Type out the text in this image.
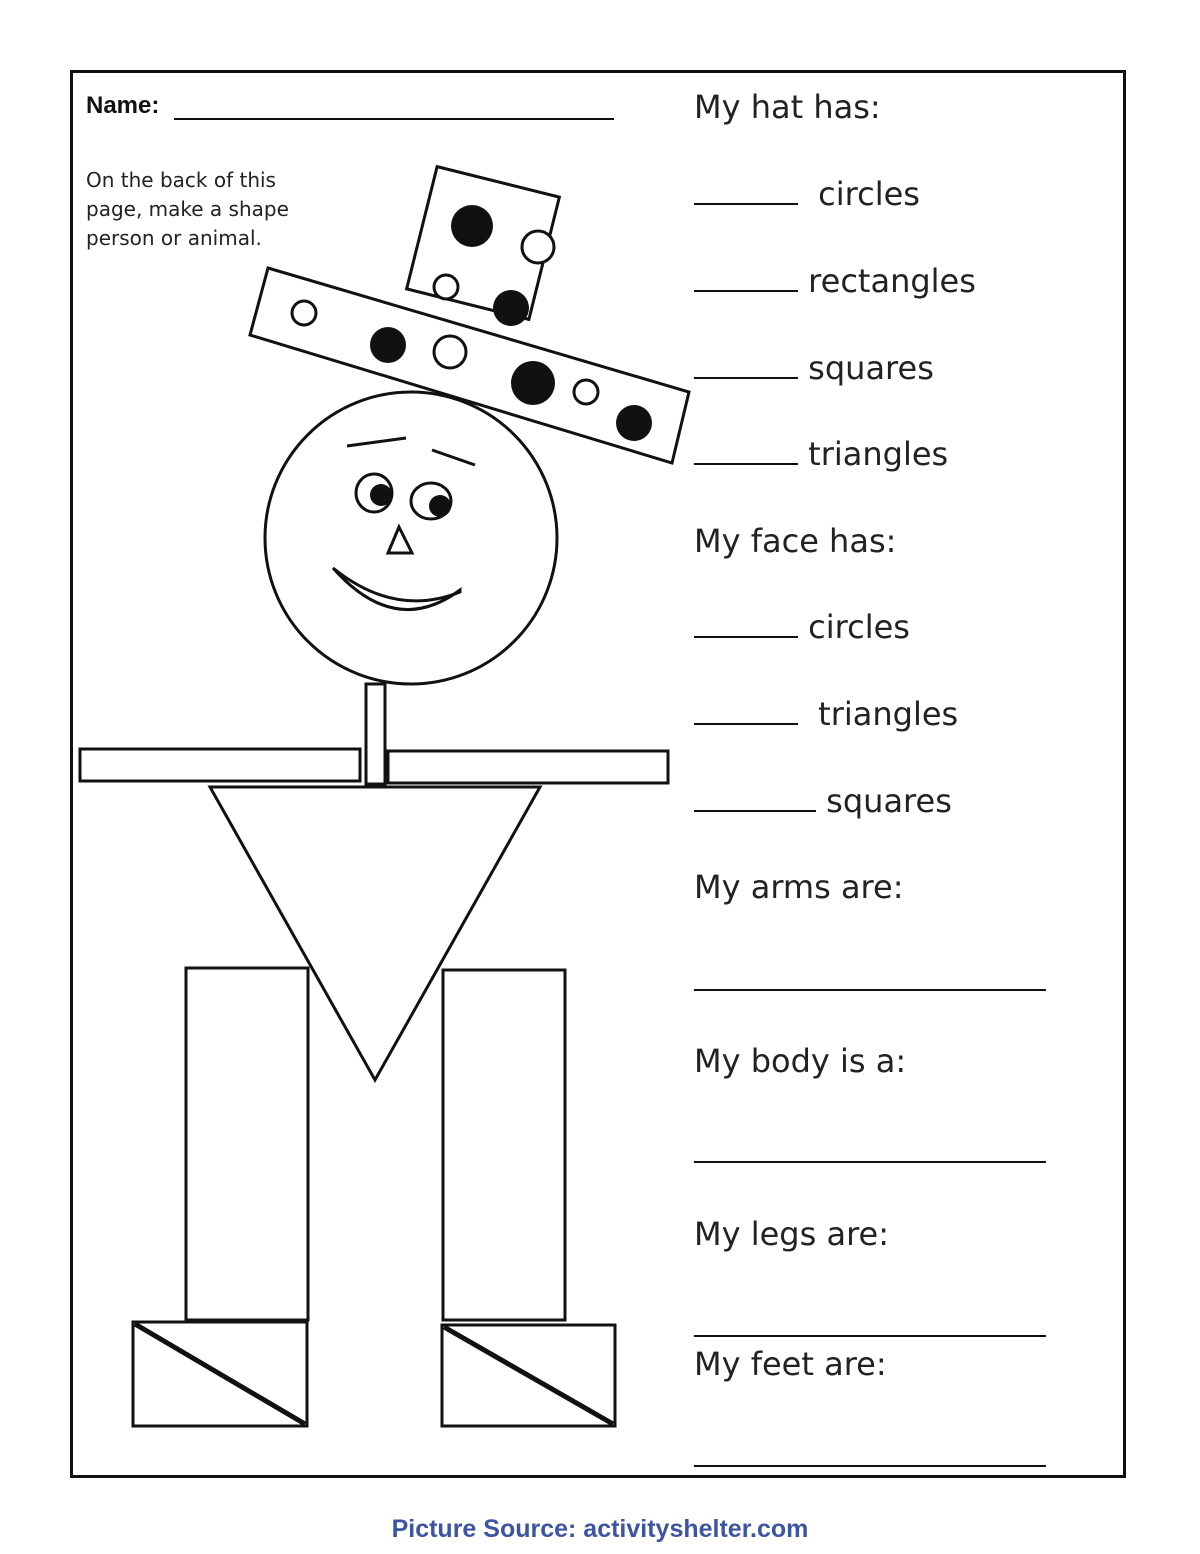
Name:
On the back of this
page, make a shape
person or animal.
My hat has:
circles
rectangles
squares
triangles
My face has:
circles
triangles
squares
My arms are:
My body is a:
My legs are:
My feet are:
Picture Source: activityshelter.com
